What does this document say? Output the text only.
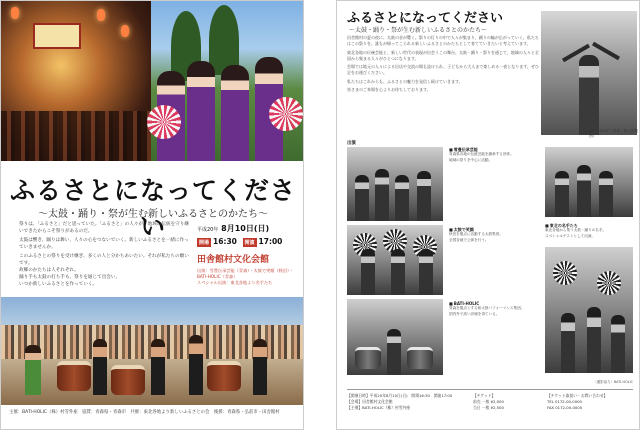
ふるさとになってください
〜太鼓・踊り・祭が生む新しいふるさとのかたち〜

祭りは、「ふるさと」だと思っていた。「ふるさと」の人々が、地域の伝統を守り継いできたからこそ祭りがあるのだ。

太鼓は響き、踊りは舞い、人々の心をつないでいく。新しいふるさとを一緒に作っていきませんか。

このふるさとの祭りを受け継ぎ、多くの人と分かちあいたい。それが私たちの願いです。

故郷のかたちは人それぞれ。

踊り手も太鼓の打ち手も、祭りを通じて出会い、

いつか新しいふるさとを作っていく。

平成20年 8月10日(日)
開場 16:30 開演 17:00
田舎館村文化会館
出演：雪豊伝承芸能（青森）・太鼓で笑顔（秋田）・
BATI-HOLIC（青森）
スペシャル出演：東北各地より名手たち
主催：BATI-HOLIC（株）村雪外座　協賛：青森県・青森市　共催：東北各地より新しいふるさとの会　後援：青森県・弘前市・田舎館村
ふるさとになってください
〜太鼓・踊り・祭が生む新しいふるさとのかたち〜

田舎館村の夏の夜に、太鼓の音が響く。祭りの灯りの中で人々が集まり、踊りの輪が広がっていく。私たちはこの祭りを、誰もが帰ってこられる新しいふるさとのかたちとして育てていきたいと考えています。

東北各地の伝統芸能と、新しい世代の表現が出会うこの舞台。太鼓・踊り・祭りを通じて、地域の人々と全国から集まる人々がひとつになります。

会場では地元の人々による出店や交流の場も設けられ、子どもから大人まで楽しめる一夜となります。ぜひ足をお運びください。

私たちはこれからも、ふるさとの魅力を発信し続けていきます。

皆さまのご来場を心よりお待ちしております。

BATI-HOLIC（青森・和太鼓集団）
出演
■ 雪豊伝承芸能
青森県各地の伝統芸能を継承する団体。
地域の祭りを中心に活動。
■ 太鼓で笑顔
秋田を拠点に活動する太鼓集団。
全国各地で公演を行う。
■ BATI-HOLIC
青森を拠点とする和太鼓パフォーマンス集団。
国内外で高い評価を得ている。
■ 東北の名手たち
東北各地から集う太鼓・踊りの名手。
スペシャルゲストとして出演。
（撮影協力）BATI-HOLIC
【開催日時】平成20年8月10日(日)　開場16:30　開演17:00
【会場】田舎館村文化会館
【主催】BATI-HOLIC（株）村雪外座
【チケット】
前売 一般 ¥2,000
当日 一般 ¥2,500
【チケット取扱い・お問い合わせ】
TEL 0172-00-0000
FAX 0172-00-0000
